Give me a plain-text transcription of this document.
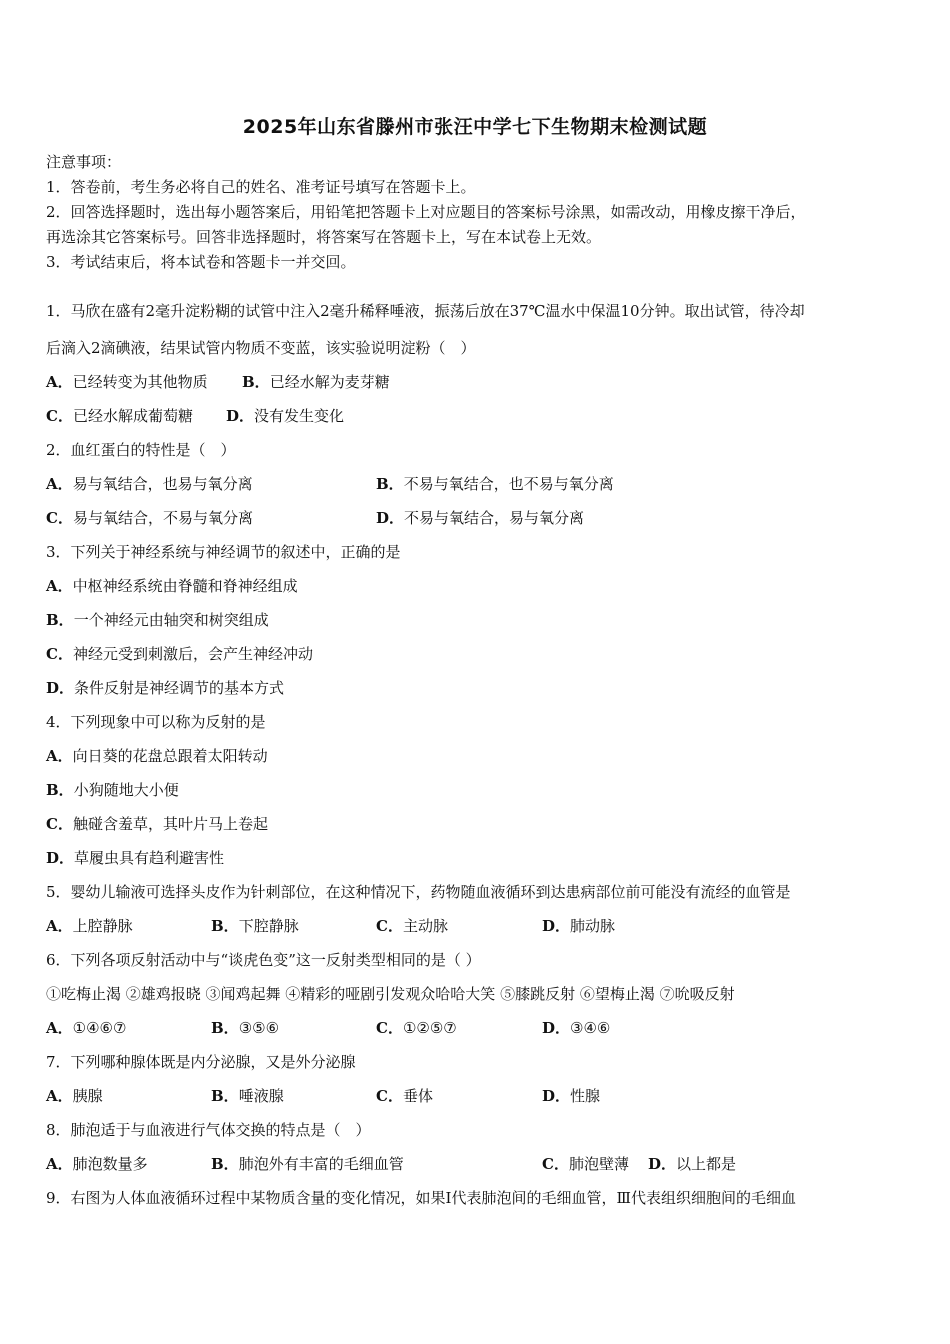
2025年山东省滕州市张汪中学七下生物期末检测试题
注意事项：
1．答卷前，考生务必将自己的姓名、准考证号填写在答题卡上。
2．回答选择题时，选出每小题答案后，用铅笔把答题卡上对应题目的答案标号涂黑，如需改动，用橡皮擦干净后，
再选涂其它答案标号。回答非选择题时，将答案写在答题卡上，写在本试卷上无效。
3．考试结束后，将本试卷和答题卡一并交回。
1．马欣在盛有2毫升淀粉糊的试管中注入2毫升稀释唾液，振荡后放在37℃温水中保温10分钟。取出试管，待冷却
后滴入2滴碘液，结果试管内物质不变蓝，该实验说明淀粉（　）
A．已经转变为其他物质 B．已经水解为麦芽糖
C．已经水解成葡萄糖 D．没有发生变化
2．血红蛋白的特性是（　）
A．易与氧结合，也易与氧分离	B．不易与氧结合，也不易与氧分离
C．易与氧结合，不易与氧分离	D．不易与氧结合，易与氧分离
3．下列关于神经系统与神经调节的叙述中，正确的是
A．中枢神经系统由脊髓和脊神经组成
B．一个神经元由轴突和树突组成
C．神经元受到刺激后，会产生神经冲动
D．条件反射是神经调节的基本方式
4．下列现象中可以称为反射的是
A．向日葵的花盘总跟着太阳转动
B．小狗随地大小便
C．触碰含羞草，其叶片马上卷起
D．草履虫具有趋利避害性
5．婴幼儿输液可选择头皮作为针刺部位，在这种情况下，药物随血液循环到达患病部位前可能没有流经的血管是
A．上腔静脉	B．下腔静脉	C．主动脉	D．肺动脉
6．下列各项反射活动中与“谈虎色变”这一反射类型相同的是（ ）
①吃梅止渴 ②雄鸡报晓 ③闻鸡起舞 ④精彩的哑剧引发观众哈哈大笑 ⑤膝跳反射 ⑥望梅止渴 ⑦吮吸反射
A．①④⑥⑦	B．③⑤⑥	C．①②⑤⑦	D．③④⑥
7．下列哪种腺体既是内分泌腺，又是外分泌腺
A．胰腺	B．唾液腺	C．垂体	D．性腺
8．肺泡适于与血液进行气体交换的特点是（　）
A．肺泡数量多	B．肺泡外有丰富的毛细血管	C．肺泡壁薄 D．以上都是
9．右图为人体血液循环过程中某物质含量的变化情况，如果Ⅰ代表肺泡间的毛细血管，Ⅲ代表组织细胞间的毛细血
